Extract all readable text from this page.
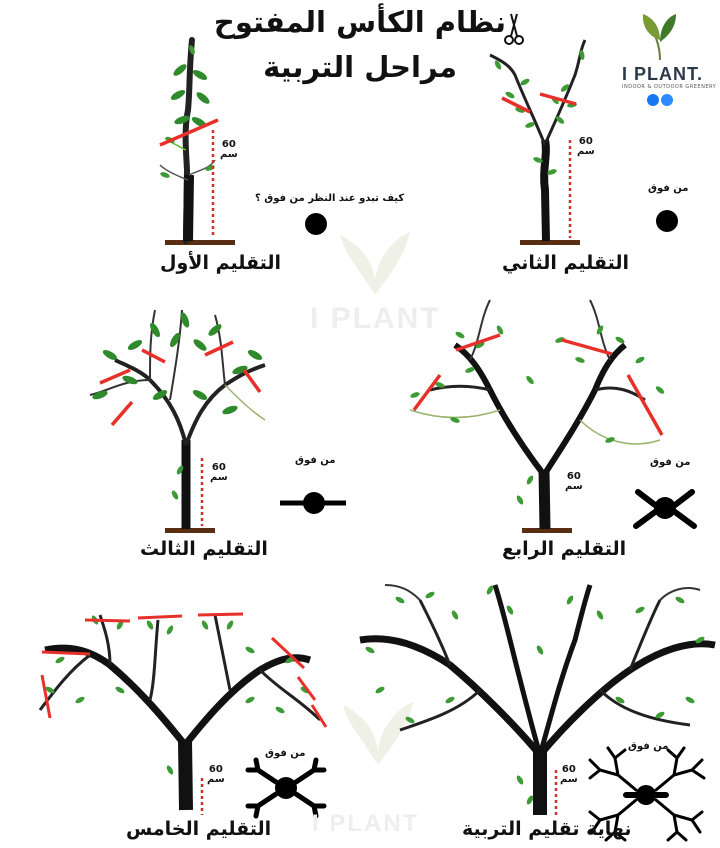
نظام الكأس المفتوح
مراحل التربية	I PLANT.
INDOOR & OUTDOOR GREENERY
I PLANT
I PLANT
كيف تبدو عند النظر من فوق ؟
من فوق
من فوق	من فوق
من فوق
من فوق
60
سم
60
سم
60
سم	60
سم
60
سم
60
سم
التقليم الأول	التقليم الثاني
التقليم الثالث	التقليم الرابع
التقليم الخامس	نهاية تقليم التربية
